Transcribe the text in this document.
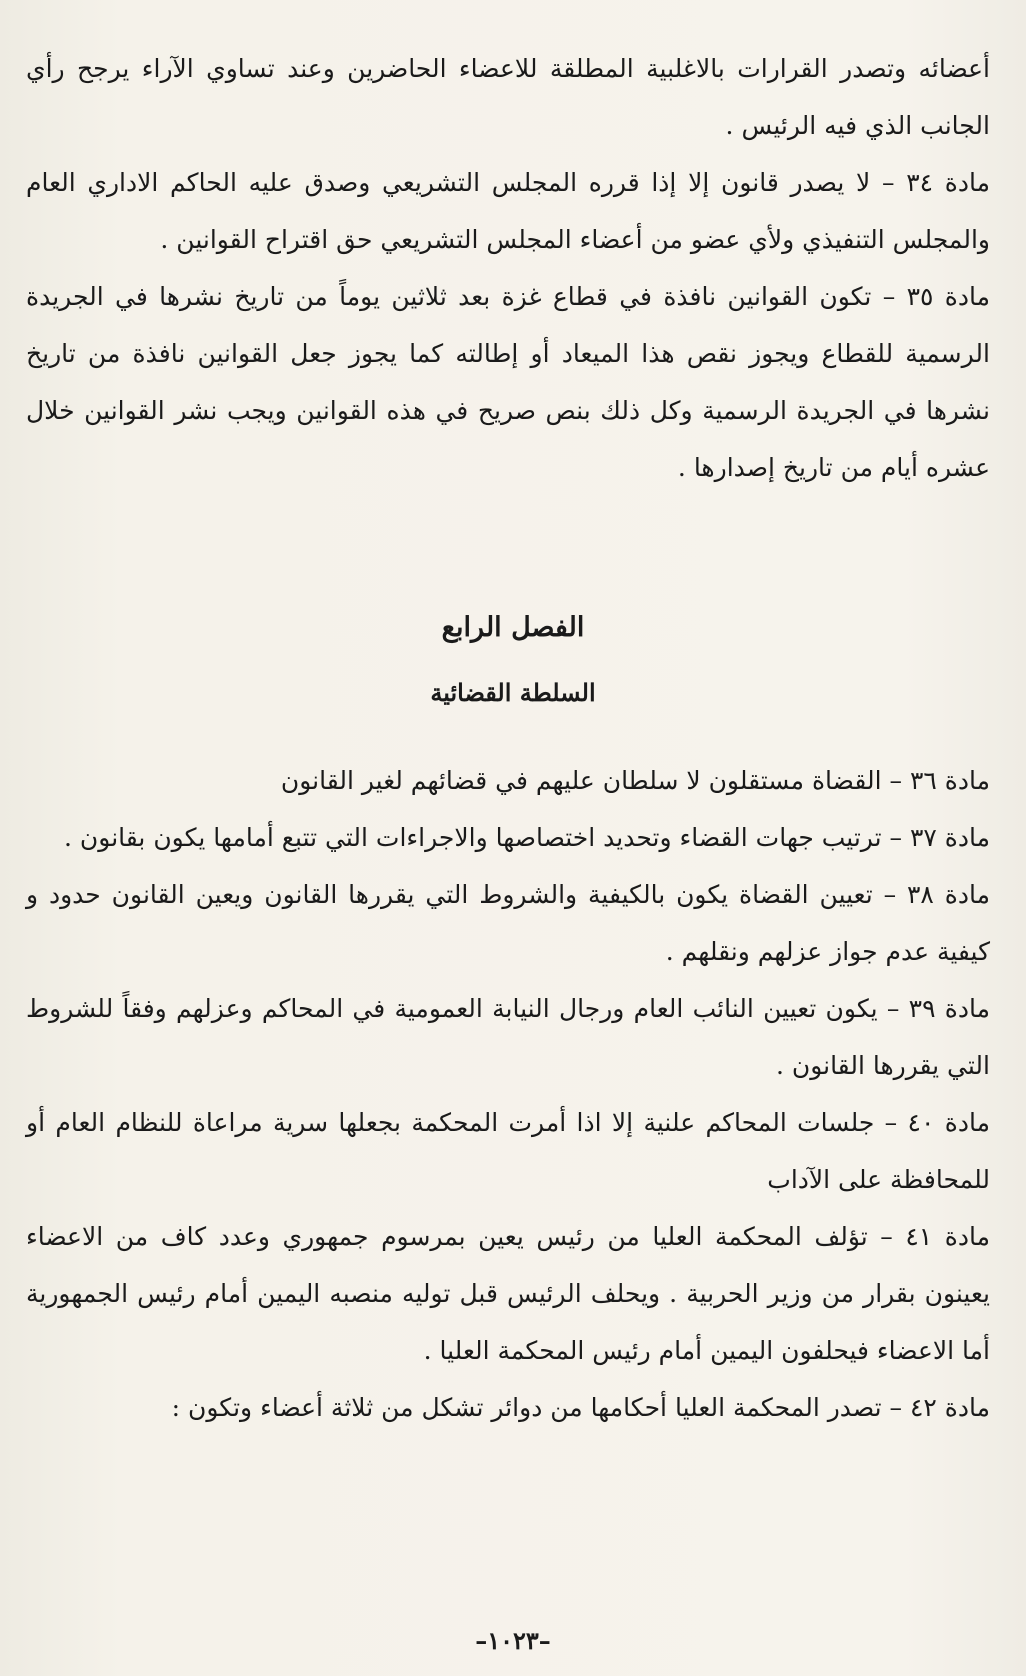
أعضائه وتصدر القرارات بالاغلبية المطلقة للاعضاء الحاضرين وعند تساوي الآراء يرجح رأي الجانب الذي فيه الرئيس .

مادة ٣٤ – لا يصدر قانون إلا إذا قرره المجلس التشريعي وصدق عليه الحاكم الاداري العام والمجلس التنفيذي ولأي عضو من أعضاء المجلس التشريعي حق اقتراح القوانين .

مادة ٣٥ – تكون القوانين نافذة في قطاع غزة بعد ثلاثين يوماً من تاريخ نشرها في الجريدة الرسمية للقطاع ويجوز نقص هذا الميعاد أو إطالته كما يجوز جعل القوانين نافذة من تاريخ نشرها في الجريدة الرسمية وكل ذلك بنص صريح في هذه القوانين ويجب نشر القوانين خلال عشره أيام من تاريخ إصدارها .

الفصل الرابع
السلطة القضائية

مادة ٣٦ – القضاة مستقلون لا سلطان عليهم في قضائهم لغير القانون

مادة ٣٧ – ترتيب جهات القضاء وتحديد اختصاصها والاجراءات التي تتبع أمامها يكون بقانون .

مادة ٣٨ – تعيين القضاة يكون بالكيفية والشروط التي يقررها القانون ويعين القانون حدود و كيفية عدم جواز عزلهم ونقلهم .

مادة ٣٩ – يكون تعيين النائب العام ورجال النيابة العمومية في المحاكم وعزلهم وفقاً للشروط التي يقررها القانون .

مادة ٤٠ – جلسات المحاكم علنية إلا اذا أمرت المحكمة بجعلها سرية مراعاة للنظام العام أو للمحافظة على الآداب

مادة ٤١ – تؤلف المحكمة العليا من رئيس يعين بمرسوم جمهوري وعدد كاف من الاعضاء يعينون بقرار من وزير الحربية . ويحلف الرئيس قبل توليه منصبه اليمين أمام رئيس الجمهورية أما الاعضاء فيحلفون اليمين أمام رئيس المحكمة العليا .

مادة ٤٢ – تصدر المحكمة العليا أحكامها من دوائر تشكل من ثلاثة أعضاء وتكون :

–١٠٢٣–
